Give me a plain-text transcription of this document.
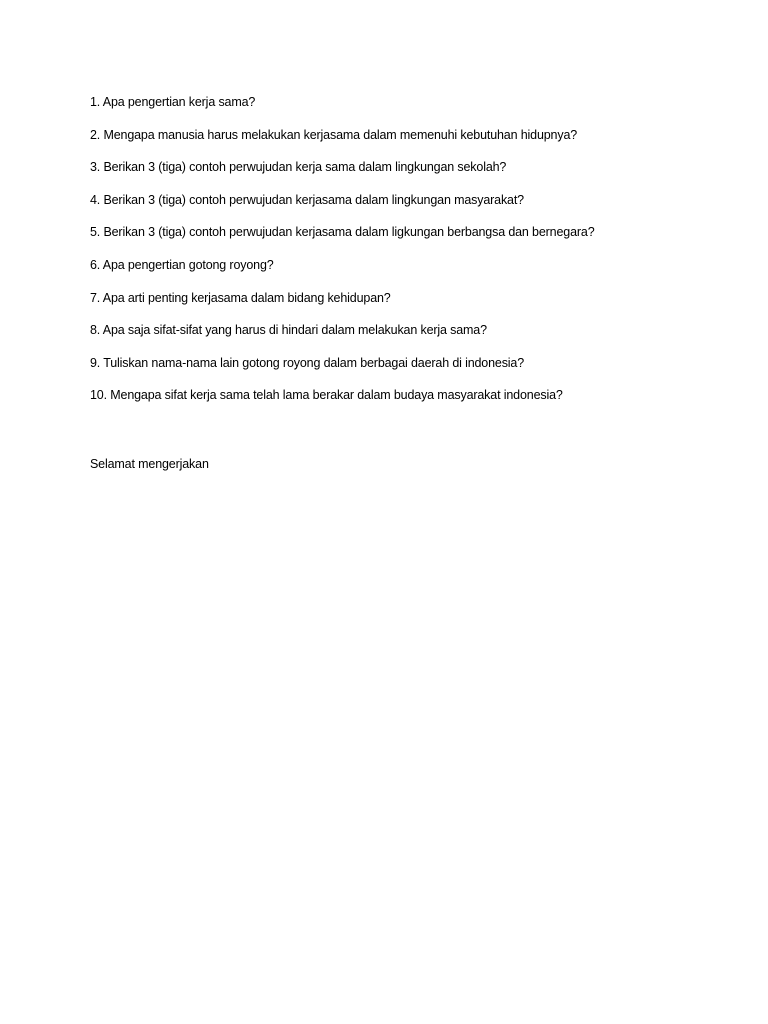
1. Apa pengertian kerja sama?
2. Mengapa manusia harus melakukan kerjasama dalam memenuhi kebutuhan hidupnya?
3. Berikan 3 (tiga) contoh perwujudan kerja sama dalam lingkungan sekolah?
4. Berikan 3 (tiga) contoh perwujudan kerjasama dalam lingkungan masyarakat?
5. Berikan 3 (tiga) contoh perwujudan kerjasama dalam ligkungan berbangsa dan bernegara?
6. Apa pengertian gotong royong?
7. Apa arti penting kerjasama dalam bidang kehidupan?
8. Apa saja sifat-sifat yang harus di hindari dalam melakukan kerja sama?
9. Tuliskan nama-nama lain gotong royong dalam berbagai daerah di indonesia?
10. Mengapa sifat kerja sama telah lama berakar dalam budaya masyarakat indonesia?
Selamat mengerjakan
